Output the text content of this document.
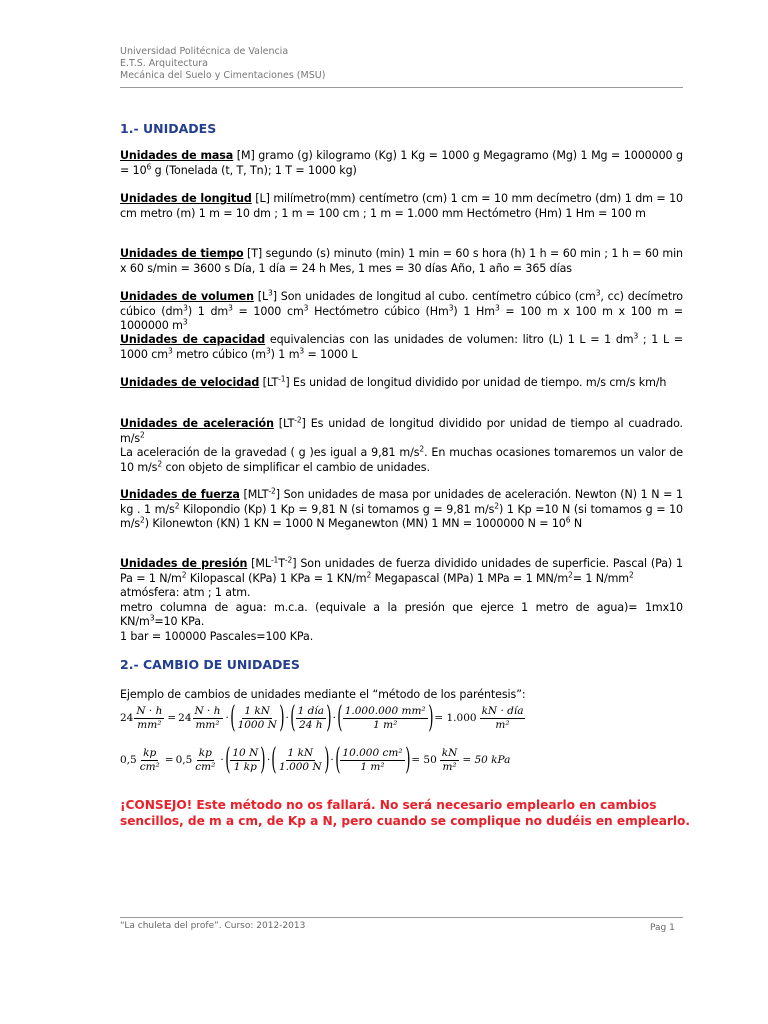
Universidad Politécnica de Valencia
E.T.S. Arquitectura
Mecánica del Suelo y Cimentaciones (MSU)
1.- UNIDADES
Unidades de masa [M] gramo (g) kilogramo (Kg) 1 Kg = 1000 g Megagramo (Mg) 1 Mg = 1000000 $g = 10^6$ g (Tonelada (t, T, Tn); 1 T = 1000 kg)
Unidades de longitud [L] milímetro(mm) centímetro (cm) 1 cm = 10 mm decímetro (dm) 1 dm = 10 cm metro (m) 1 m = 10 dm ; 1 m = 100 cm ; 1 m = 1.000 mm Hectómetro (Hm) 1 Hm = 100 m
Unidades de tiempo [T] segundo (s) minuto (min) 1 min = 60 s hora (h) 1 h = 60 min ; 1 h = 60 min x 60 s/min = 3600 s Día, 1 día = 24 h Mes, 1 mes = 30 días Año, 1 año = 365 días
Unidades de volumen $[L^3]$ Son unidades de longitud al cubo. centímetro cúbico ($cm^3$, cc) decímetro cúbico $(dm^3)$ 1 $dm^3 = 1000$ $cm^3$ Hectómetro cúbico (Hm$^3$) 1 $Hm^3 = 100$ m x 100 m x 100 m = 1000000 $m^3$
Unidades de capacidad equivalencias con las unidades de volumen: litro (L) 1 L = 1 $dm^3$ ; 1 L = 1000 $cm^3$ metro cúbico $(m^3)$ 1 $m^3 = 1000$ L
Unidades de velocidad $[LT^{-1}]$ Es unidad de longitud dividido por unidad de tiempo. m/s cm/s km/h
Unidades de aceleración $[LT^{-2}]$ Es unidad de longitud dividido por unidad de tiempo al cuadrado. $m/s^2$
La aceleración de la gravedad ( g )es igual a 9,81 $m/s^2$. En muchas ocasiones tomaremos un valor de 10 $m/s^2$ con objeto de simplificar el cambio de unidades.
Unidades de fuerza $[MLT^{-2}]$ Son unidades de masa por unidades de aceleración. Newton (N) 1 N = 1 kg . 1 $m/s^2$ Kilopondio (Kp) 1 Kp = 9,81 N (si tomamos g = 9,81 $m/s^2$) 1 Kp =10 N (si tomamos g = 10 $m/s^2$) Kilonewton (KN) 1 KN = 1000 N Meganewton (MN) 1 MN = 1000000 $N = 10^6$ N
Unidades de presión $[ML^{-1}T^{-2}]$ Son unidades de fuerza dividido unidades de superficie. Pascal (Pa) 1 Pa = 1 $N/m^2$ Kilopascal (KPa) 1 KPa = 1 $KN/m^2$ Megapascal (MPa) 1 MPa = 1 $MN/m^2= 1$ $N/mm^2$
atmósfera: atm ; 1 atm.
metro columna de agua: m.c.a. (equivale a la presión que ejerce 1 metro de agua)= 1mx10 $KN/m^3=10$ KPa.
1 bar = 100000 Pascales=100 KPa.
2.- CAMBIO DE UNIDADES
Ejemplo de cambios de unidades mediante el “método de los paréntesis”:
$24 \frac{N \cdot h}{\text{mm²}} = 24 \frac{N \cdot h}{\text{mm²}}$ · ( $\frac{1 kN}{1000 N}$ ) · ( $\frac{\text{1 día}}{24 h}$ ) · ( $\frac{\text{1.000.000 mm²}}{\text{1 m²}}$ ) = $1.000 \frac{\text{kN · día}}{\text{m²}}$
$0,5 \frac{kp}{\text{cm²}} = 0,5 \frac{kp}{\text{cm²}}$ · ( $\frac{10 N}{1 kp}$ ) · ( $\frac{1 kN}{1.000 N}$ ) · ( $\frac{\text{10.000 cm²}}{\text{1 m²}}$ ) = $50 \frac{kN}{\text{m²}} = 50$ kPa
¡CONSEJO! Este método no os fallará. No será necesario emplearlo en cambios sencillos, de m a cm, de Kp a N, pero cuando se complique no dudéis en emplearlo.
“La chuleta del profe”. Curso: 2012-2013	Pag 1
